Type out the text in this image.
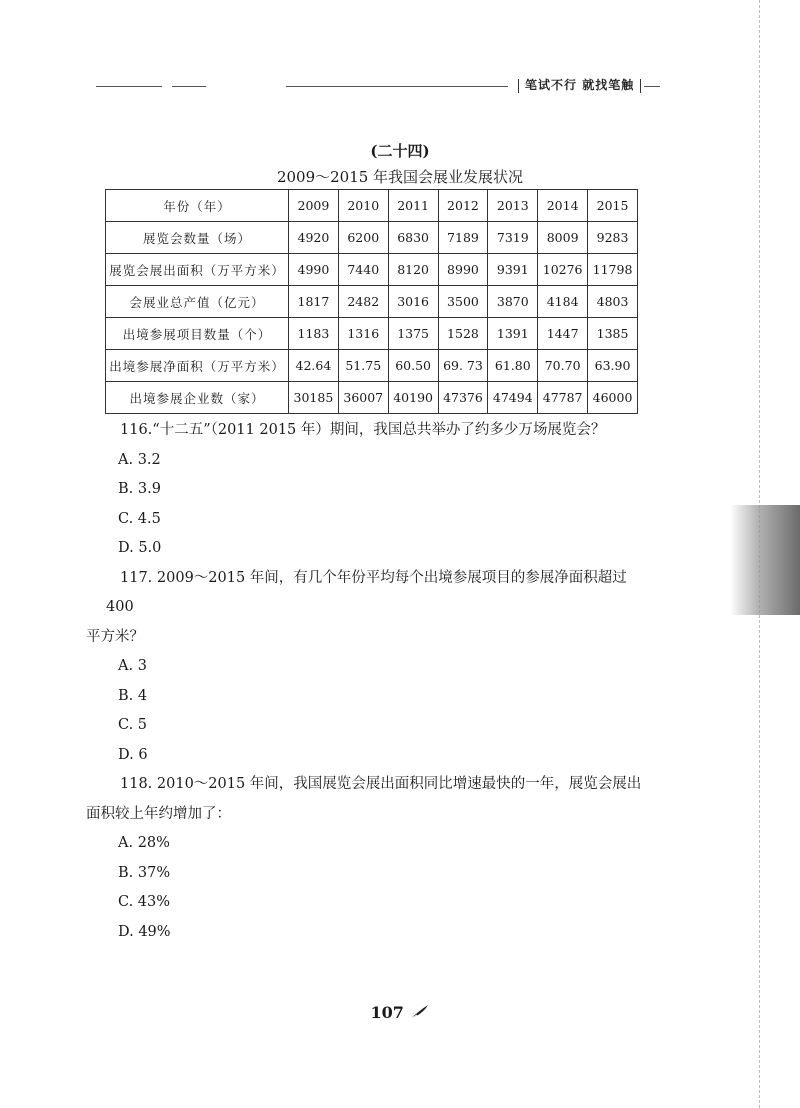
笔试不行 就找笔触
(二十四)
2009～2015 年我国会展业发展状况
年份（年）	2009	2010	2011	2012	2013	2014	2015
展览会数量（场）	4920	6200	6830	7189	7319	8009	9283
展览会展出面积（万平方米）	4990	7440	8120	8990	9391	10276	11798
会展业总产值（亿元）	1817	2482	3016	3500	3870	4184	4803
出境参展项目数量（个）	1183	1316	1375	1528	1391	1447	1385
出境参展净面积（万平方米）	42.64	51.75	60.50	69. 73	61.80	70.70	63.90
出境参展企业数（家）	30185	36007	40190	47376	47494	47787	46000

116.“十二五”（2011 2015 年）期间，我国总共举办了约多少万场展览会？

A. 3.2

B. 3.9

C. 4.5

D. 5.0

117. 2009～2015 年间，有几个年份平均每个出境参展项目的参展净面积超过 400

平方米？

A. 3

B. 4

C. 5

D. 6

118. 2010～2015 年间，我国展览会展出面积同比增速最快的一年，展览会展出

面积较上年约增加了：

A. 28%

B. 37%

C. 43%

D. 49%

107
